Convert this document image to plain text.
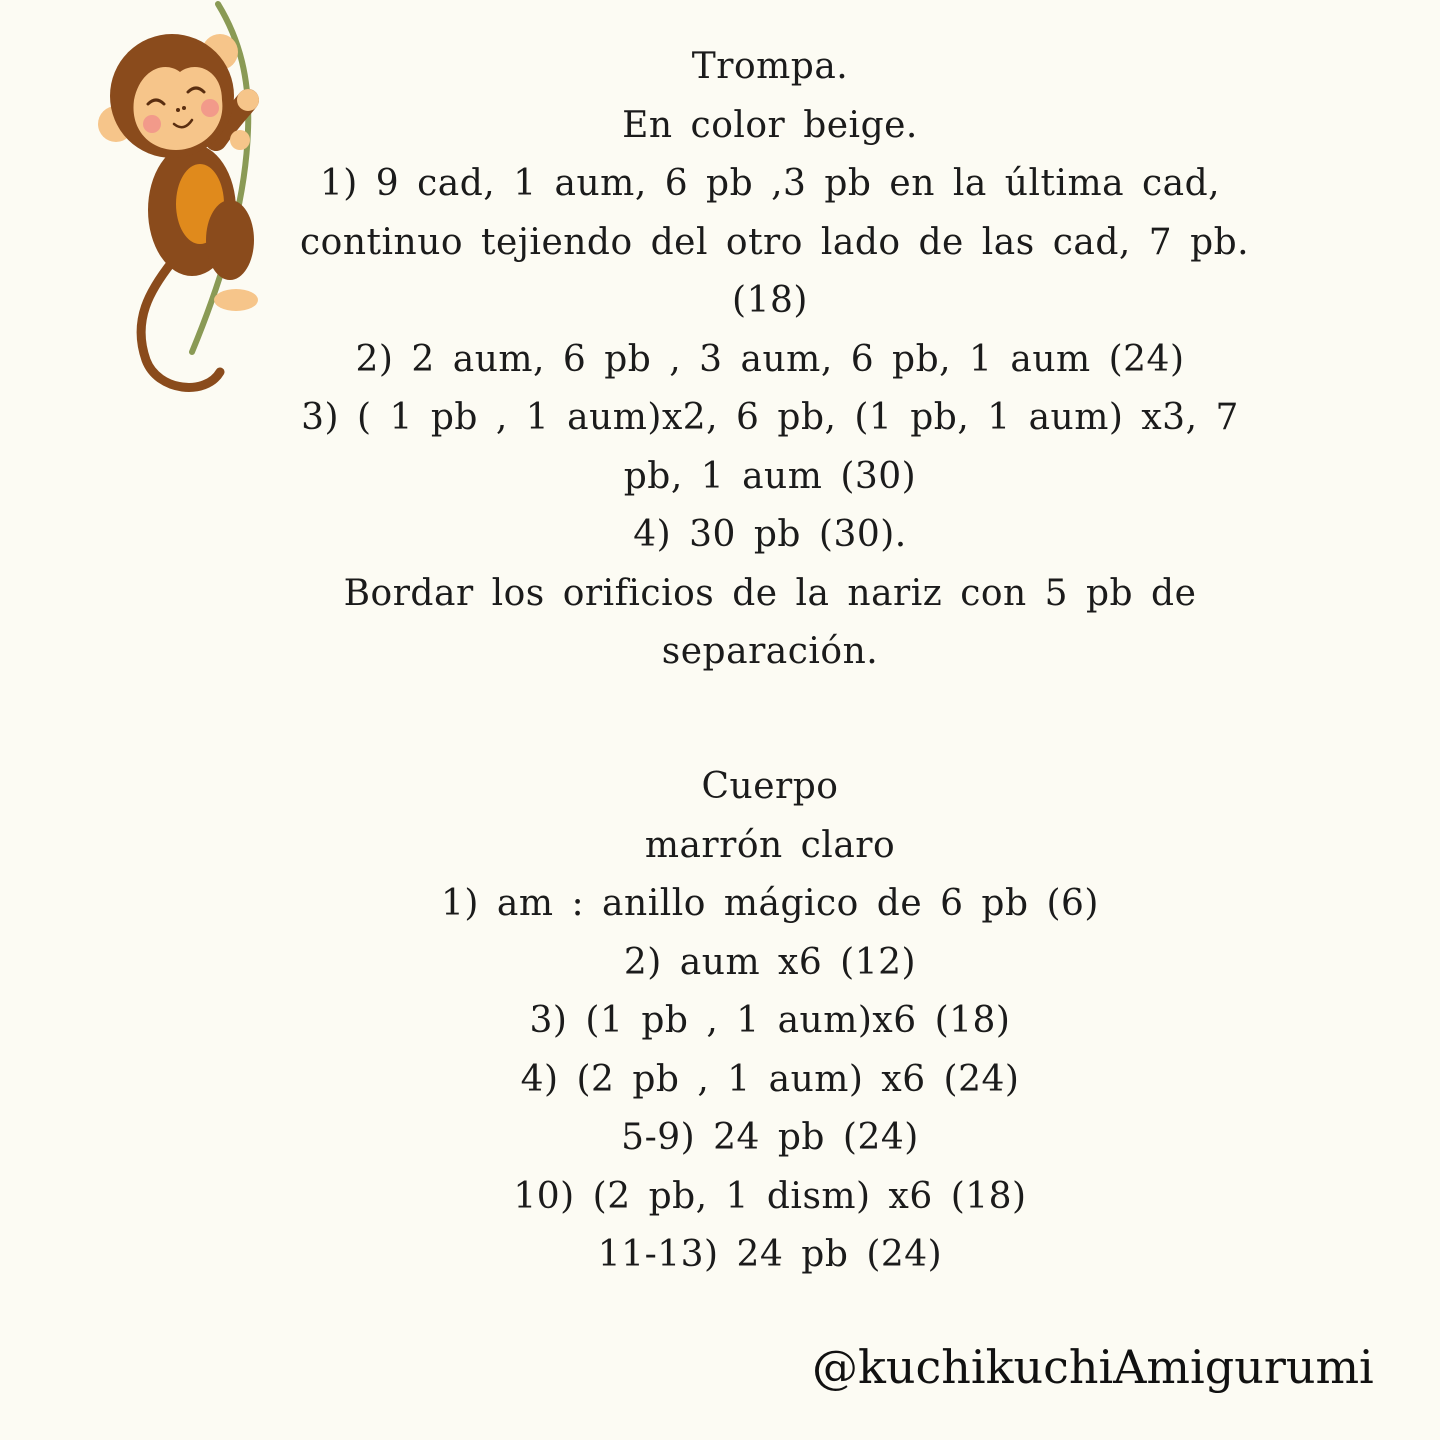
Trompa.
En color beige.
1) 9 cad, 1 aum, 6 pb ,3 pb en la última cad,
continuo tejiendo del otro lado de las cad, 7 pb.
(18)
2) 2 aum, 6 pb , 3 aum, 6 pb, 1 aum (24)
3) ( 1 pb , 1 aum)x2, 6 pb, (1 pb, 1 aum) x3, 7
pb, 1 aum (30)
4) 30 pb (30).
Bordar los orificios de la nariz con 5 pb de
separación.
Cuerpo
marrón claro
1) am : anillo mágico de 6 pb (6)
2) aum x6 (12)
3) (1 pb , 1 aum)x6 (18)
4) (2 pb , 1 aum) x6 (24)
5-9) 24 pb (24)
10) (2 pb, 1 dism) x6 (18)
11-13) 24 pb (24)
@kuchikuchiAmigurumi
